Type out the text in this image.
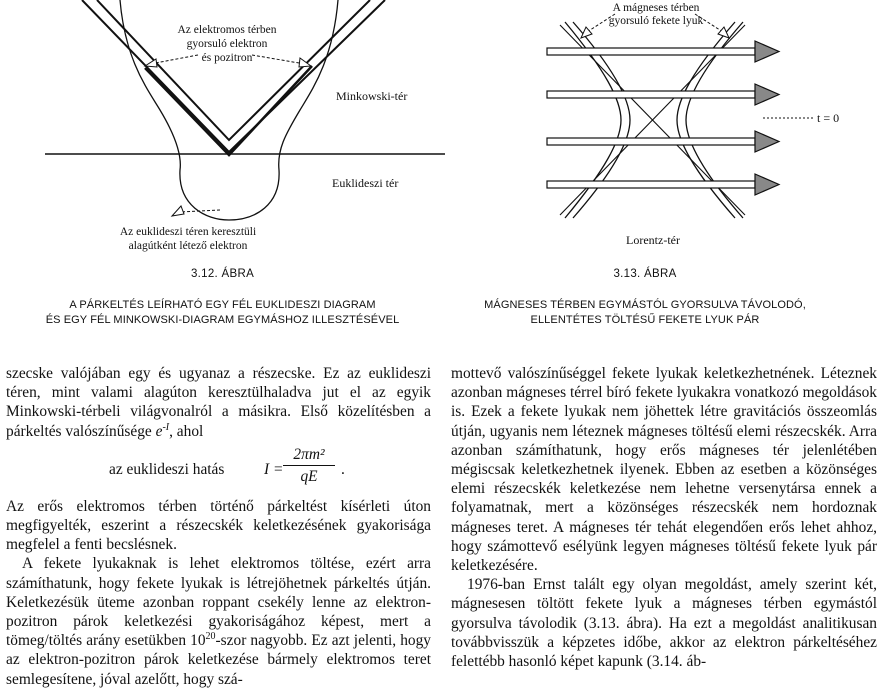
Az elektromos térben
gyorsuló elektron
és pozitron
Minkowski-tér
Euklideszi tér
Az euklideszi téren keresztüli
alagútként létező elektron
3.12. ÁBRA
A PÁRKELTÉS LEÍRHATÓ EGY FÉL EUKLIDESZI DIAGRAM
ÉS EGY FÉL MINKOWSKI-DIAGRAM EGYMÁSHOZ ILLESZTÉSÉVEL
A mágneses térben
gyorsuló fekete lyuk
t = 0
Lorentz-tér
3.13. ÁBRA
MÁGNESES TÉRBEN EGYMÁSTÓL GYORSULVA TÁVOLODÓ,
ELLENTÉTES TÖLTÉSŰ FEKETE LYUK PÁR

szecske valójában egy és ugyanaz a részecske. Ez az euklideszi téren, mint valami alagúton keresztülhaladva jut el az egyik Minkowski-térbeli világvonalról a másikra. Első közelítésben a párkeltés valószínűsége $e^{-I}$, ahol

az euklideszi hatás	$I = \frac{\text{2πm²}}{qE}$ .

Az erős elektromos térben történő párkeltést kísérleti úton megfigyelték, eszerint a részecskék keletkezésének gyakorisága megfelel a fenti becslésnek.

A fekete lyukaknak is lehet elektromos töltése, ezért arra számíthatunk, hogy fekete lyukak is létrejöhetnek párkeltés útján. Keletkezésük üteme azonban roppant csekély lenne az elektron-pozitron párok keletkezési gyakoriságához képest, mert a tömeg/töltés arány esetükben $10^{20}$-szor nagyobb. Ez azt jelenti, hogy az elektron-pozitron párok keletkezése bármely elektromos teret semlegesítene, jóval azelőtt, hogy szá-

mottevő valószínűséggel fekete lyukak keletkezhetnének. Léteznek azonban mágneses térrel bíró fekete lyukakra vonatkozó megoldások is. Ezek a fekete lyukak nem jöhettek létre gravitációs összeomlás útján, ugyanis nem léteznek mágneses töltésű elemi részecskék. Arra azonban számíthatunk, hogy erős mágneses tér jelenlétében mégiscsak keletkezhetnek ilyenek. Ebben az esetben a közönséges elemi részecskék keletkezése nem lehetne versenytársa ennek a folyamatnak, mert a közönséges részecskék nem hordoznak mágneses teret. A mágneses tér tehát elegendően erős lehet ahhoz, hogy számottevő esélyünk legyen mágneses töltésű fekete lyuk pár keletkezésére.

1976-ban Ernst talált egy olyan megoldást, amely szerint két, mágnesesen töltött fekete lyuk a mágneses térben egymástól gyorsulva távolodik (3.13. ábra). Ha ezt a megoldást analitikusan továbbvisszük a képzetes időbe, akkor az elektron párkeltéséhez felettébb hasonló képet kapunk (3.14. áb-
